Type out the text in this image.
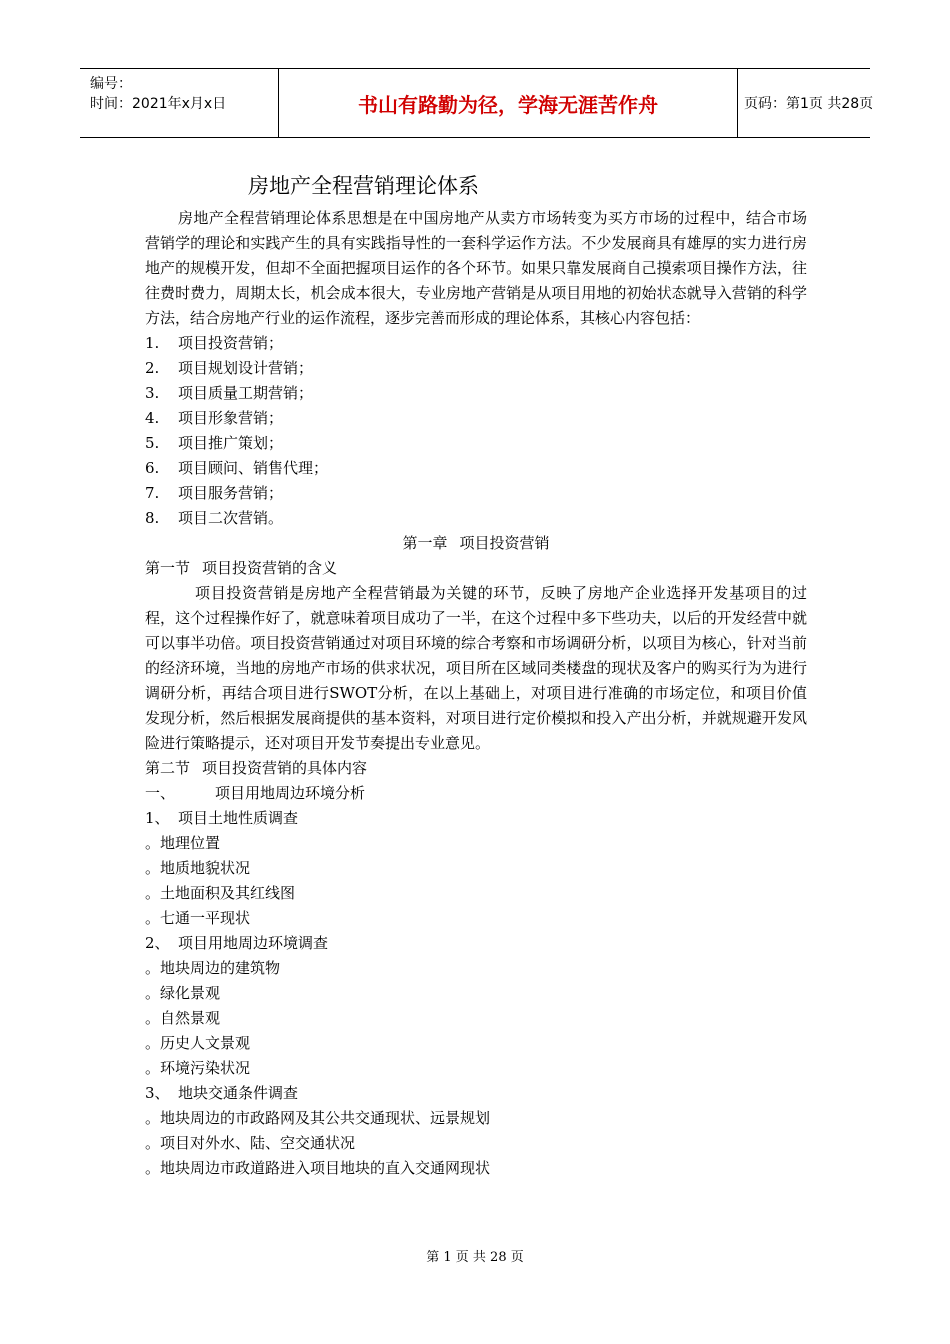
编号：
时间：2021年x月x日	书山有路勤为径，学海无涯苦作舟	页码：第1页 共28页
房地产全程营销理论体系

房地产全程营销理论体系思想是在中国房地产从卖方市场转变为买方市场的过程中，结合市场营销学的理论和实践产生的具有实践指导性的一套科学运作方法。不少发展商具有雄厚的实力进行房地产的规模开发，但却不全面把握项目运作的各个环节。如果只靠发展商自己摸索项目操作方法，往往费时费力，周期太长，机会成本很大，专业房地产营销是从项目用地的初始状态就导入营销的科学方法，结合房地产行业的运作流程，逐步完善而形成的理论体系，其核心内容包括：

1. 项目投资营销；

2. 项目规划设计营销；

3. 项目质量工期营销；

4. 项目形象营销；

5. 项目推广策划；

6. 项目顾问、销售代理；

7. 项目服务营销；

8. 项目二次营销。

第一章 项目投资营销

第一节 项目投资营销的含义

项目投资营销是房地产全程营销最为关键的环节，反映了房地产企业选择开发基项目的过程，这个过程操作好了，就意味着项目成功了一半，在这个过程中多下些功夫，以后的开发经营中就可以事半功倍。项目投资营销通过对项目环境的综合考察和市场调研分析，以项目为核心，针对当前的经济环境，当地的房地产市场的供求状况，项目所在区域同类楼盘的现状及客户的购买行为为进行调研分析，再结合项目进行SWOT分析，在以上基础上，对项目进行准确的市场定位，和项目价值发现分析，然后根据发展商提供的基本资料，对项目进行定价模拟和投入产出分析，并就规避开发风险进行策略提示，还对项目开发节奏提出专业意见。

第二节 项目投资营销的具体内容

一、	项目用地周边环境分析

1、 项目土地性质调查

。地理位置

。地质地貌状况

。土地面积及其红线图

。七通一平现状

2、 项目用地周边环境调查

。地块周边的建筑物

。绿化景观

。自然景观

。历史人文景观

。环境污染状况

3、 地块交通条件调查

。地块周边的市政路网及其公共交通现状、远景规划

。项目对外水、陆、空交通状况

。地块周边市政道路进入项目地块的直入交通网现状

第 1 页 共 28 页
